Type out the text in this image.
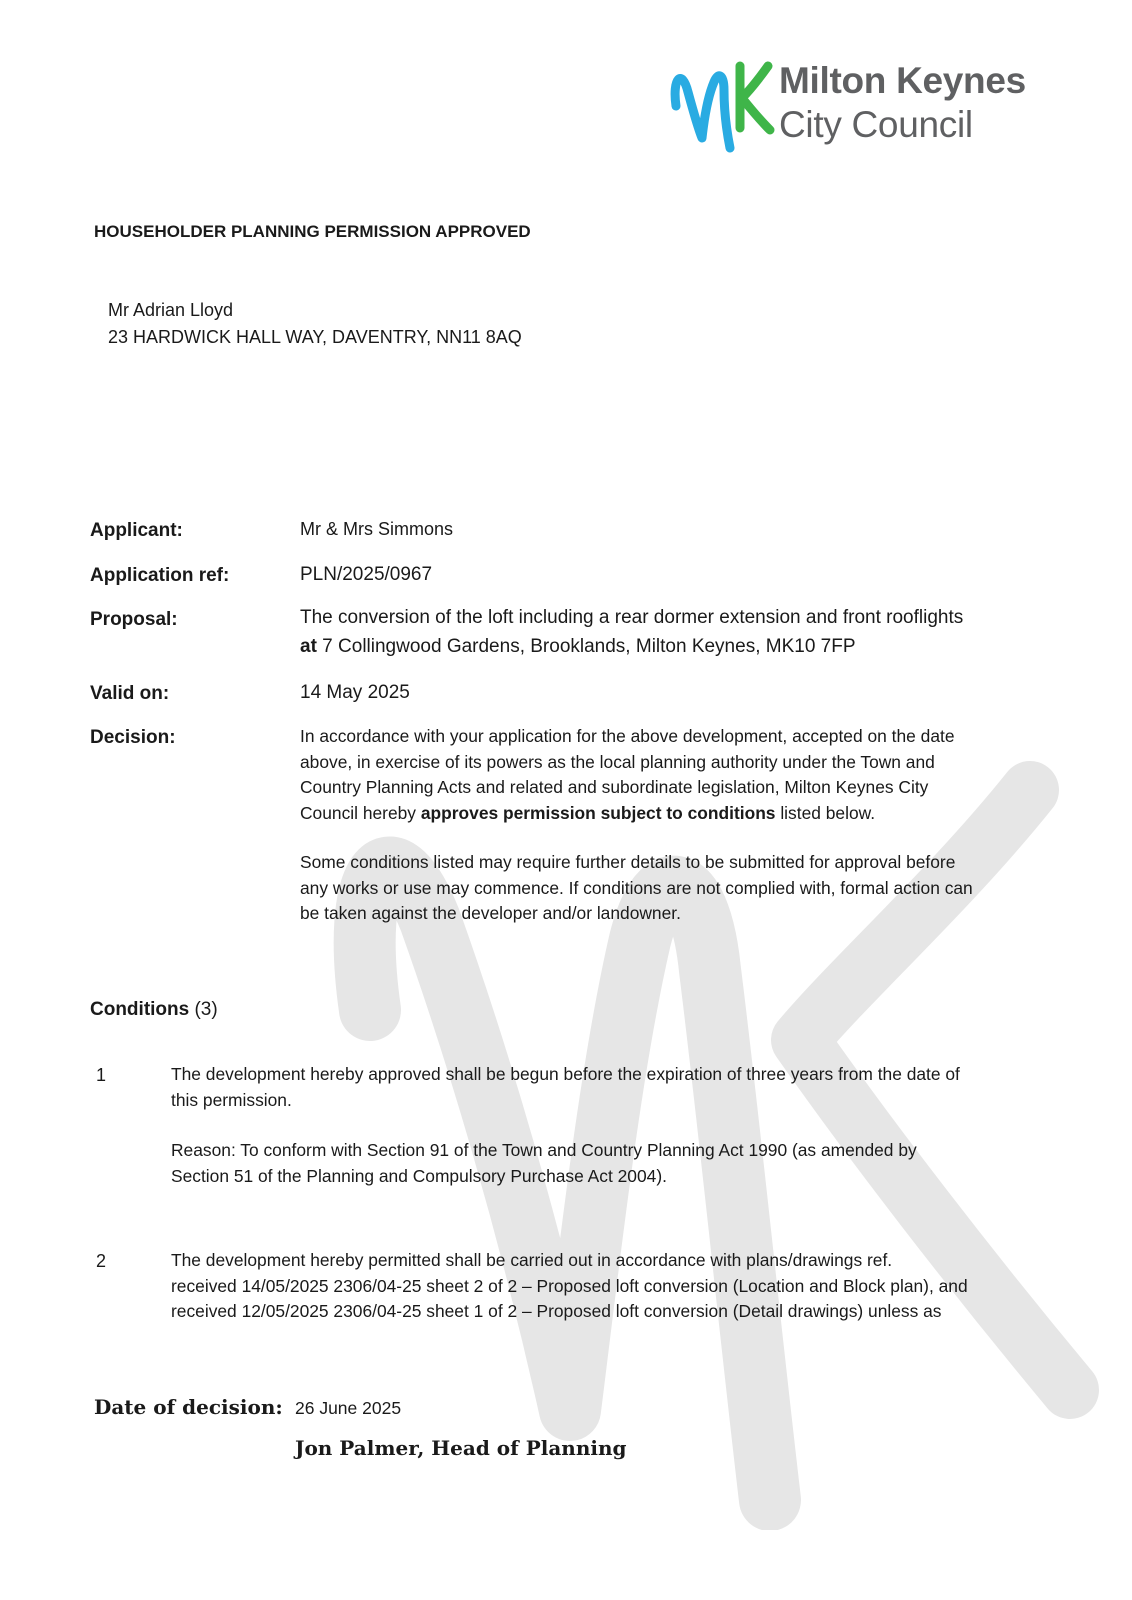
Milton Keynes
City Council
HOUSEHOLDER PLANNING PERMISSION APPROVED
Mr Adrian Lloyd
23 HARDWICK HALL WAY, DAVENTRY, NN11 8AQ
Applicant:	Mr & Mrs Simmons
Application ref:	PLN/2025/0967
Proposal:	The conversion of the loft including a rear dormer extension and front rooflights
at 7 Collingwood Gardens, Brooklands, Milton Keynes, MK10 7FP
Valid on:	14 May 2025
Decision:	In accordance with your application for the above development, accepted on the date
above, in exercise of its powers as the local planning authority under the Town and
Country Planning Acts and related and subordinate legislation, Milton Keynes City
Council hereby approves permission subject to conditions listed below.
Some conditions listed may require further details to be submitted for approval before
any works or use may commence. If conditions are not complied with, formal action can
be taken against the developer and/or landowner.
Conditions (3)
1	The development hereby approved shall be begun before the expiration of three years from the date of
this permission.
Reason: To conform with Section 91 of the Town and Country Planning Act 1990 (as amended by
Section 51 of the Planning and Compulsory Purchase Act 2004).
2	The development hereby permitted shall be carried out in accordance with plans/drawings ref.
received 14/05/2025 2306/04-25 sheet 2 of 2 – Proposed loft conversion (Location and Block plan), and
received 12/05/2025 2306/04-25 sheet 1 of 2 – Proposed loft conversion (Detail drawings) unless as
Date of decision: 26 June 2025
Jon Palmer, Head of Planning
